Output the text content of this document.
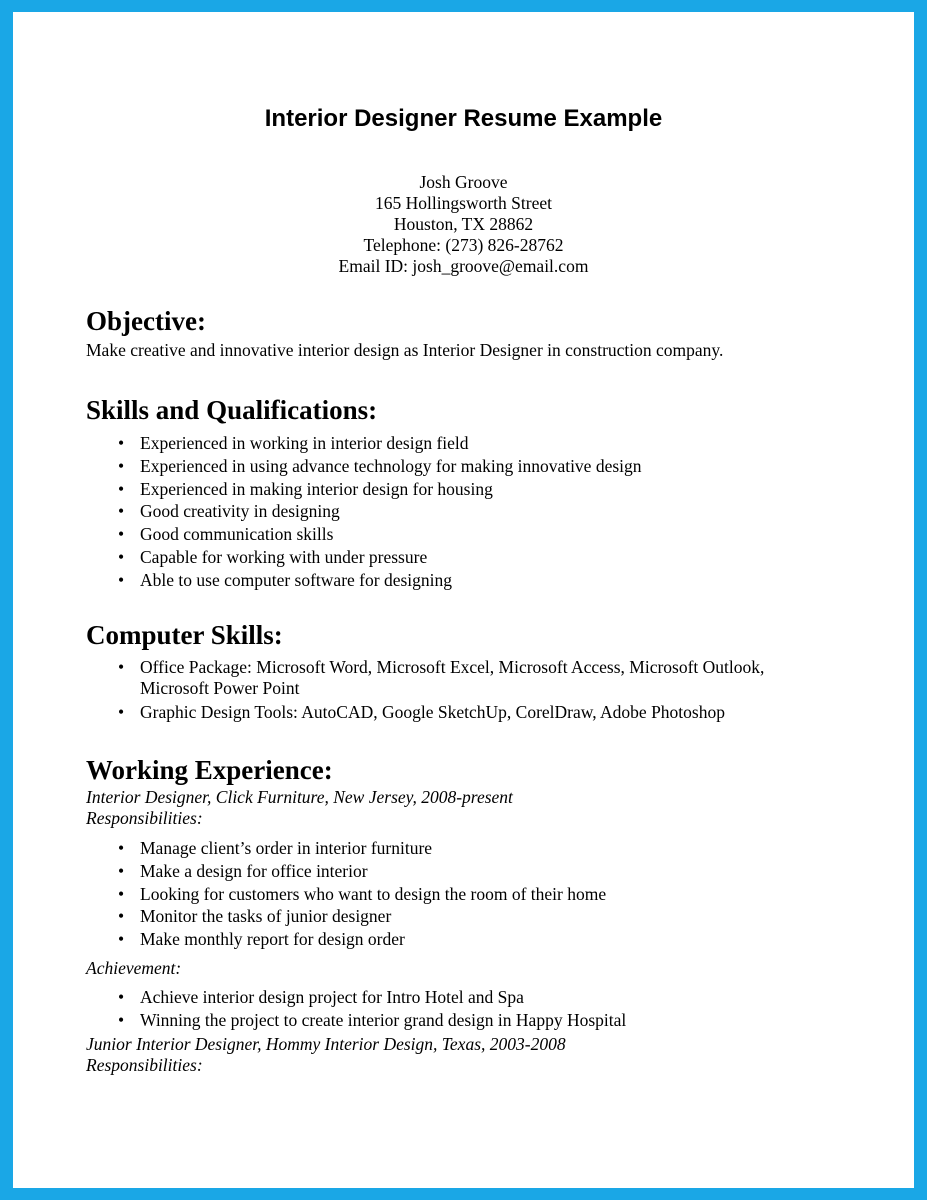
Interior Designer Resume Example
Josh Groove
165 Hollingsworth Street
Houston, TX 28862
Telephone: (273) 826-28762
Email ID: josh_groove@email.com
Objective:
Make creative and innovative interior design as Interior Designer in construction company.
Skills and Qualifications:
• Experienced in working in interior design field
• Experienced in using advance technology for making innovative design
• Experienced in making interior design for housing
• Good creativity in designing
• Good communication skills
• Capable for working with under pressure
• Able to use computer software for designing
Computer Skills:
• Office Package: Microsoft Word, Microsoft Excel, Microsoft Access, Microsoft Outlook, Microsoft Power Point
• Graphic Design Tools: AutoCAD, Google SketchUp, CorelDraw, Adobe Photoshop
Working Experience:
Interior Designer, Click Furniture, New Jersey, 2008-present
Responsibilities:
• Manage client’s order in interior furniture
• Make a design for office interior
• Looking for customers who want to design the room of their home
• Monitor the tasks of junior designer
• Make monthly report for design order
Achievement:
• Achieve interior design project for Intro Hotel and Spa
• Winning the project to create interior grand design in Happy Hospital
Junior Interior Designer, Hommy Interior Design, Texas, 2003-2008
Responsibilities:
